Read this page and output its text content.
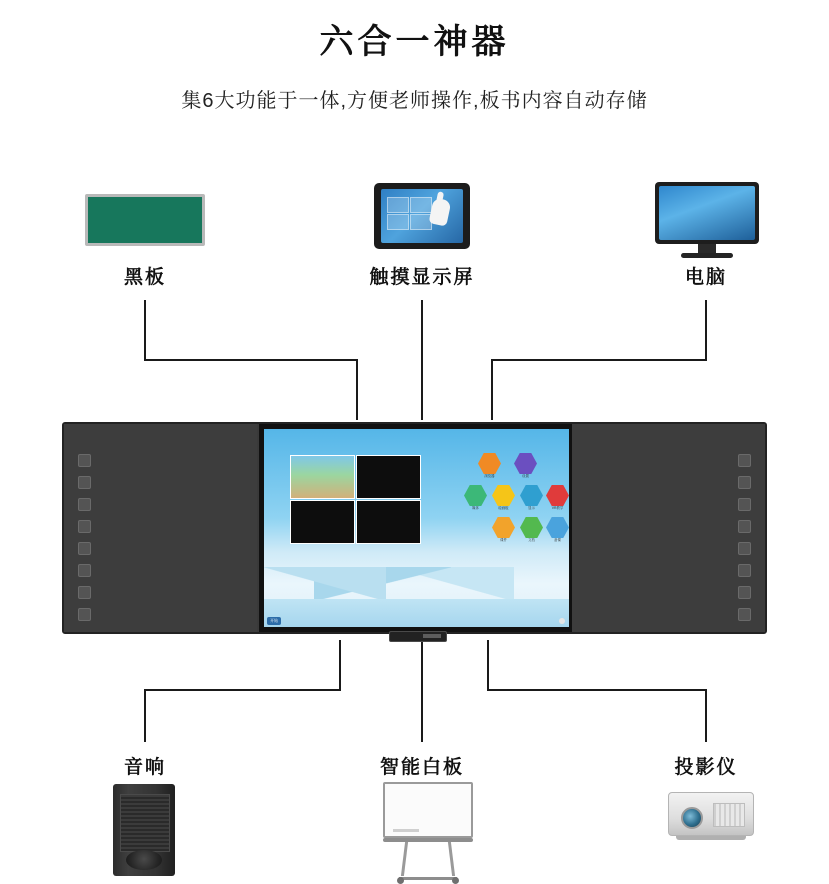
六合一神器
集6大功能于一体,方便老师操作,板书内容自动存储
黑板	触摸显示屏	电脑
浏览器	设置
媒体	绘画板	显示	VR教学
课件	文档	备课
开始
音响	智能白板	投影仪
